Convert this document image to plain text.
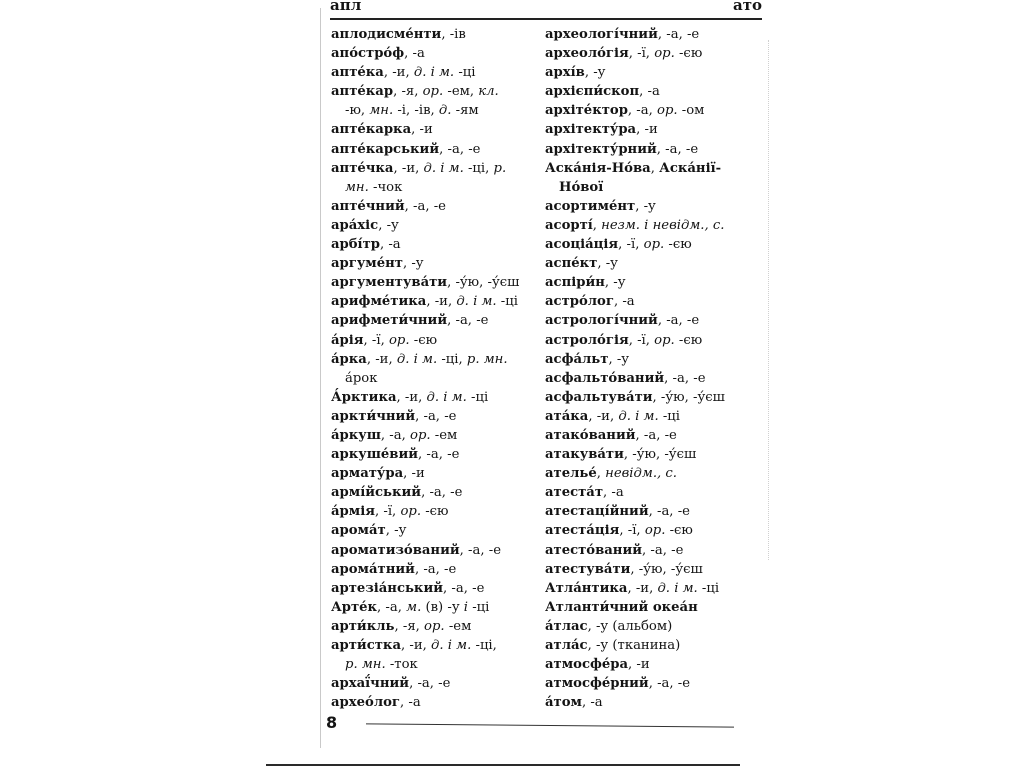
апл	ато
аплодисме́нти, -ів
апо́стро́ф, -а
апте́ка, -и, д. і м. -ці
апте́кар, -я, ор. -ем, кл.
-ю, мн. -і, -ів, д. -ям
апте́карка, -и
апте́карський, -а, -е
апте́чка, -и, д. і м. -ці, р.
мн. -чок
апте́чний, -а, -е
ара́хіс, -у
арбі́тр, -а
аргуме́нт, -у
аргументува́ти, -у́ю, -у́єш
арифме́тика, -и, д. і м. -ці
арифмети́чний, -а, -е
а́рія, -ї, ор. -єю
а́рка, -и, д. і м. -ці, р. мн.
а́рок
А́рктика, -и, д. і м. -ці
аркти́чний, -а, -е
а́ркуш, -а, ор. -ем
аркуше́вий, -а, -е
армату́ра, -и
армі́йський, -а, -е
а́рмія, -ї, ор. -єю
арома́т, -у
ароматизо́ваний, -а, -е
арома́тний, -а, -е
артезіа́нський, -а, -е
Арте́к, -а, м. (в) -у і -ці
арти́кль, -я, ор. -ем
арти́стка, -и, д. і м. -ці,
р. мн. -ток
архаї́чний, -а, -е
археóлог, -а
археологі́чний, -а, -е
археоло́гія, -ї, ор. -єю
архі́в, -у
архієпи́скоп, -а
архіте́ктор, -а, ор. -ом
архітекту́ра, -и
архітекту́рний, -а, -е
Аска́нія-Но́ва, Аска́нії-
Но́вої
асортиме́нт, -у
асорті́, незм. і невідм., с.
асоціа́ція, -ї, ор. -єю
аспе́кт, -у
аспіри́н, -у
астро́лог, -а
астрологі́чний, -а, -е
астроло́гія, -ї, ор. -єю
асфа́льт, -у
асфальто́ваний, -а, -е
асфальтува́ти, -у́ю, -у́єш
ата́ка, -и, д. і м. -ці
атако́ваний, -а, -е
атакува́ти, -у́ю, -у́єш
ателье́, невідм., с.
атеста́т, -а
атестаці́йний, -а, -е
атеста́ція, -ї, ор. -єю
атесто́ваний, -а, -е
атестува́ти, -у́ю, -у́єш
Атла́нтика, -и, д. і м. -ці
Атланти́чний океа́н
а́тлас, -у (альбом)
атла́с, -у (тканина)
атмосфе́ра, -и
атмосфе́рний, -а, -е
а́том, -а
8
